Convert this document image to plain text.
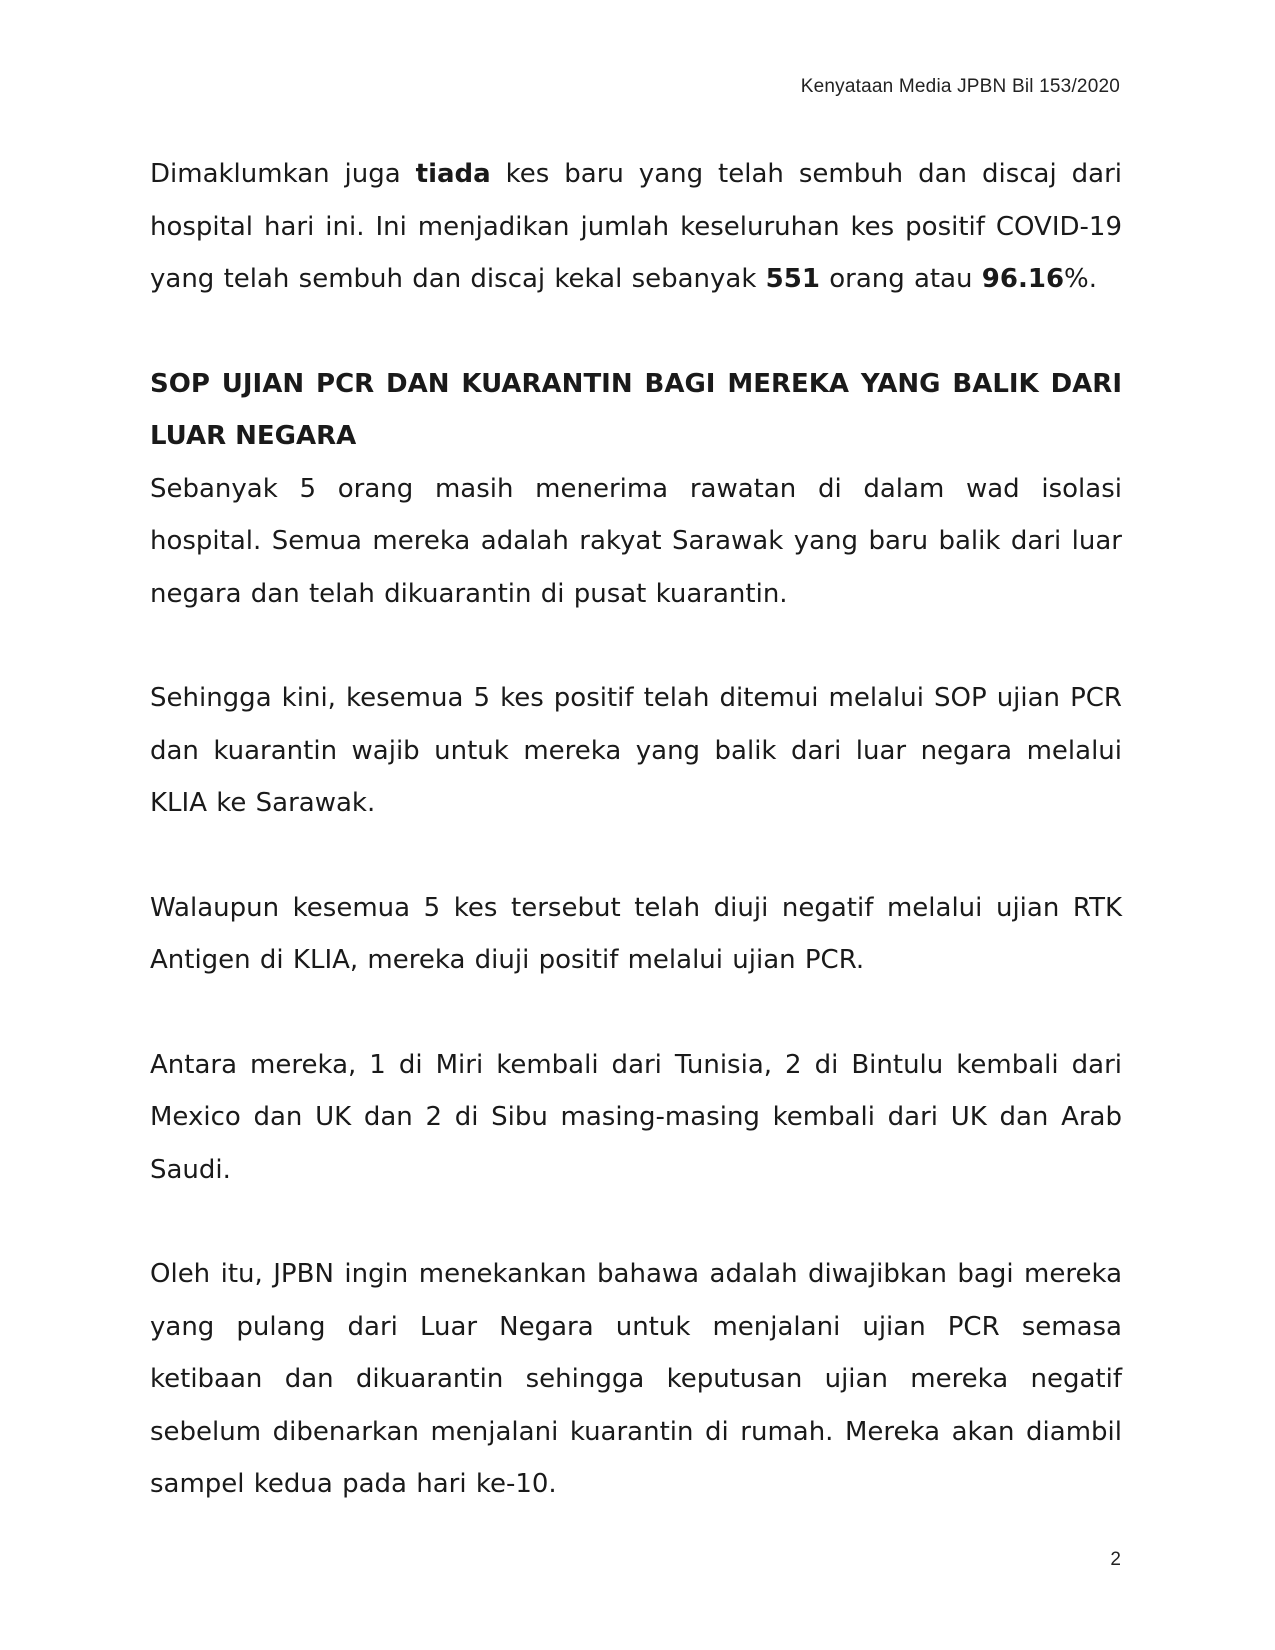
Kenyataan Media JPBN Bil 153/2020

Dimaklumkan juga tiada kes baru yang telah sembuh dan discaj dari hospital hari ini. Ini menjadikan jumlah keseluruhan kes positif COVID-19 yang telah sembuh dan discaj kekal sebanyak 551 orang atau 96.16%.

SOP UJIAN PCR DAN KUARANTIN BAGI MEREKA YANG BALIK DARI LUAR NEGARA

Sebanyak 5 orang masih menerima rawatan di dalam wad isolasi hospital. Semua mereka adalah rakyat Sarawak yang baru balik dari luar negara dan telah dikuarantin di pusat kuarantin.

Sehingga kini, kesemua 5 kes positif telah ditemui melalui SOP ujian PCR dan kuarantin wajib untuk mereka yang balik dari luar negara melalui KLIA ke Sarawak.

Walaupun kesemua 5 kes tersebut telah diuji negatif melalui ujian RTK Antigen di KLIA, mereka diuji positif melalui ujian PCR.

Antara mereka, 1 di Miri kembali dari Tunisia, 2 di Bintulu kembali dari Mexico dan UK dan 2 di Sibu masing-masing kembali dari UK dan Arab Saudi.

Oleh itu, JPBN ingin menekankan bahawa adalah diwajibkan bagi mereka yang pulang dari Luar Negara untuk menjalani ujian PCR semasa ketibaan dan dikuarantin sehingga keputusan ujian mereka negatif sebelum dibenarkan menjalani kuarantin di rumah. Mereka akan diambil sampel kedua pada hari ke-10.

2
